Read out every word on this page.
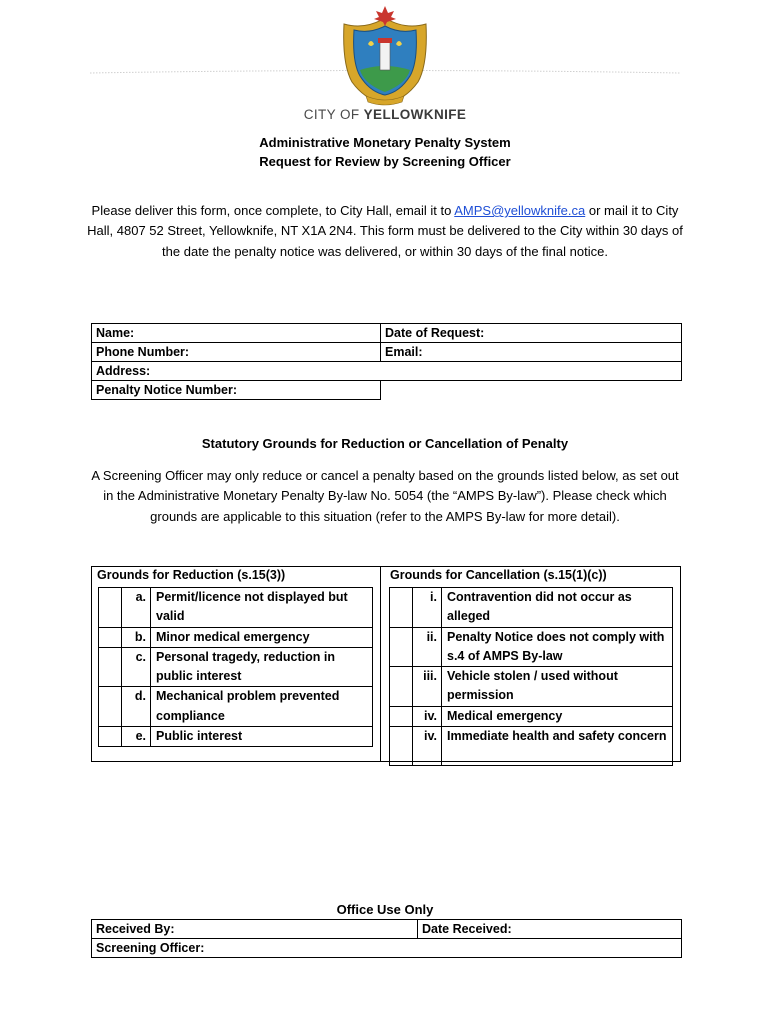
CITY OF YELLOWKNIFE
Administrative Monetary Penalty System
Request for Review by Screening Officer
Please deliver this form, once complete, to City Hall, email it to AMPS@yellowknife.ca or mail it to City Hall, 4807 52 Street, Yellowknife, NT X1A 2N4. This form must be delivered to the City within 30 days of the date the penalty notice was delivered, or within 30 days of the final notice.
Name:	Date of Request:
Phone Number:	Email:
Address:	
Penalty Notice Number:	
Statutory Grounds for Reduction or Cancellation of Penalty
A Screening Officer may only reduce or cancel a penalty based on the grounds listed below, as set out in the Administrative Monetary Penalty By-law No. 5054 (the “AMPS By-law”). Please check which grounds are applicable to this situation (refer to the AMPS By-law for more detail).
Grounds for Reduction (s.15(3))
	a.	Permit/licence not displayed but valid
	b.	Minor medical emergency
	c.	Personal tragedy, reduction in public interest
	d.	Mechanical problem prevented compliance
	e.	Public interest
Grounds for Cancellation (s.15(1)(c))
	i.	Contravention did not occur as alleged
	ii.	Penalty Notice does not comply with s.4 of AMPS By-law
	iii.	Vehicle stolen / used without permission
	iv.	Medical emergency
	iv.	Immediate health and safety concern
Office Use Only
Received By:	Date Received:
Screening Officer:
